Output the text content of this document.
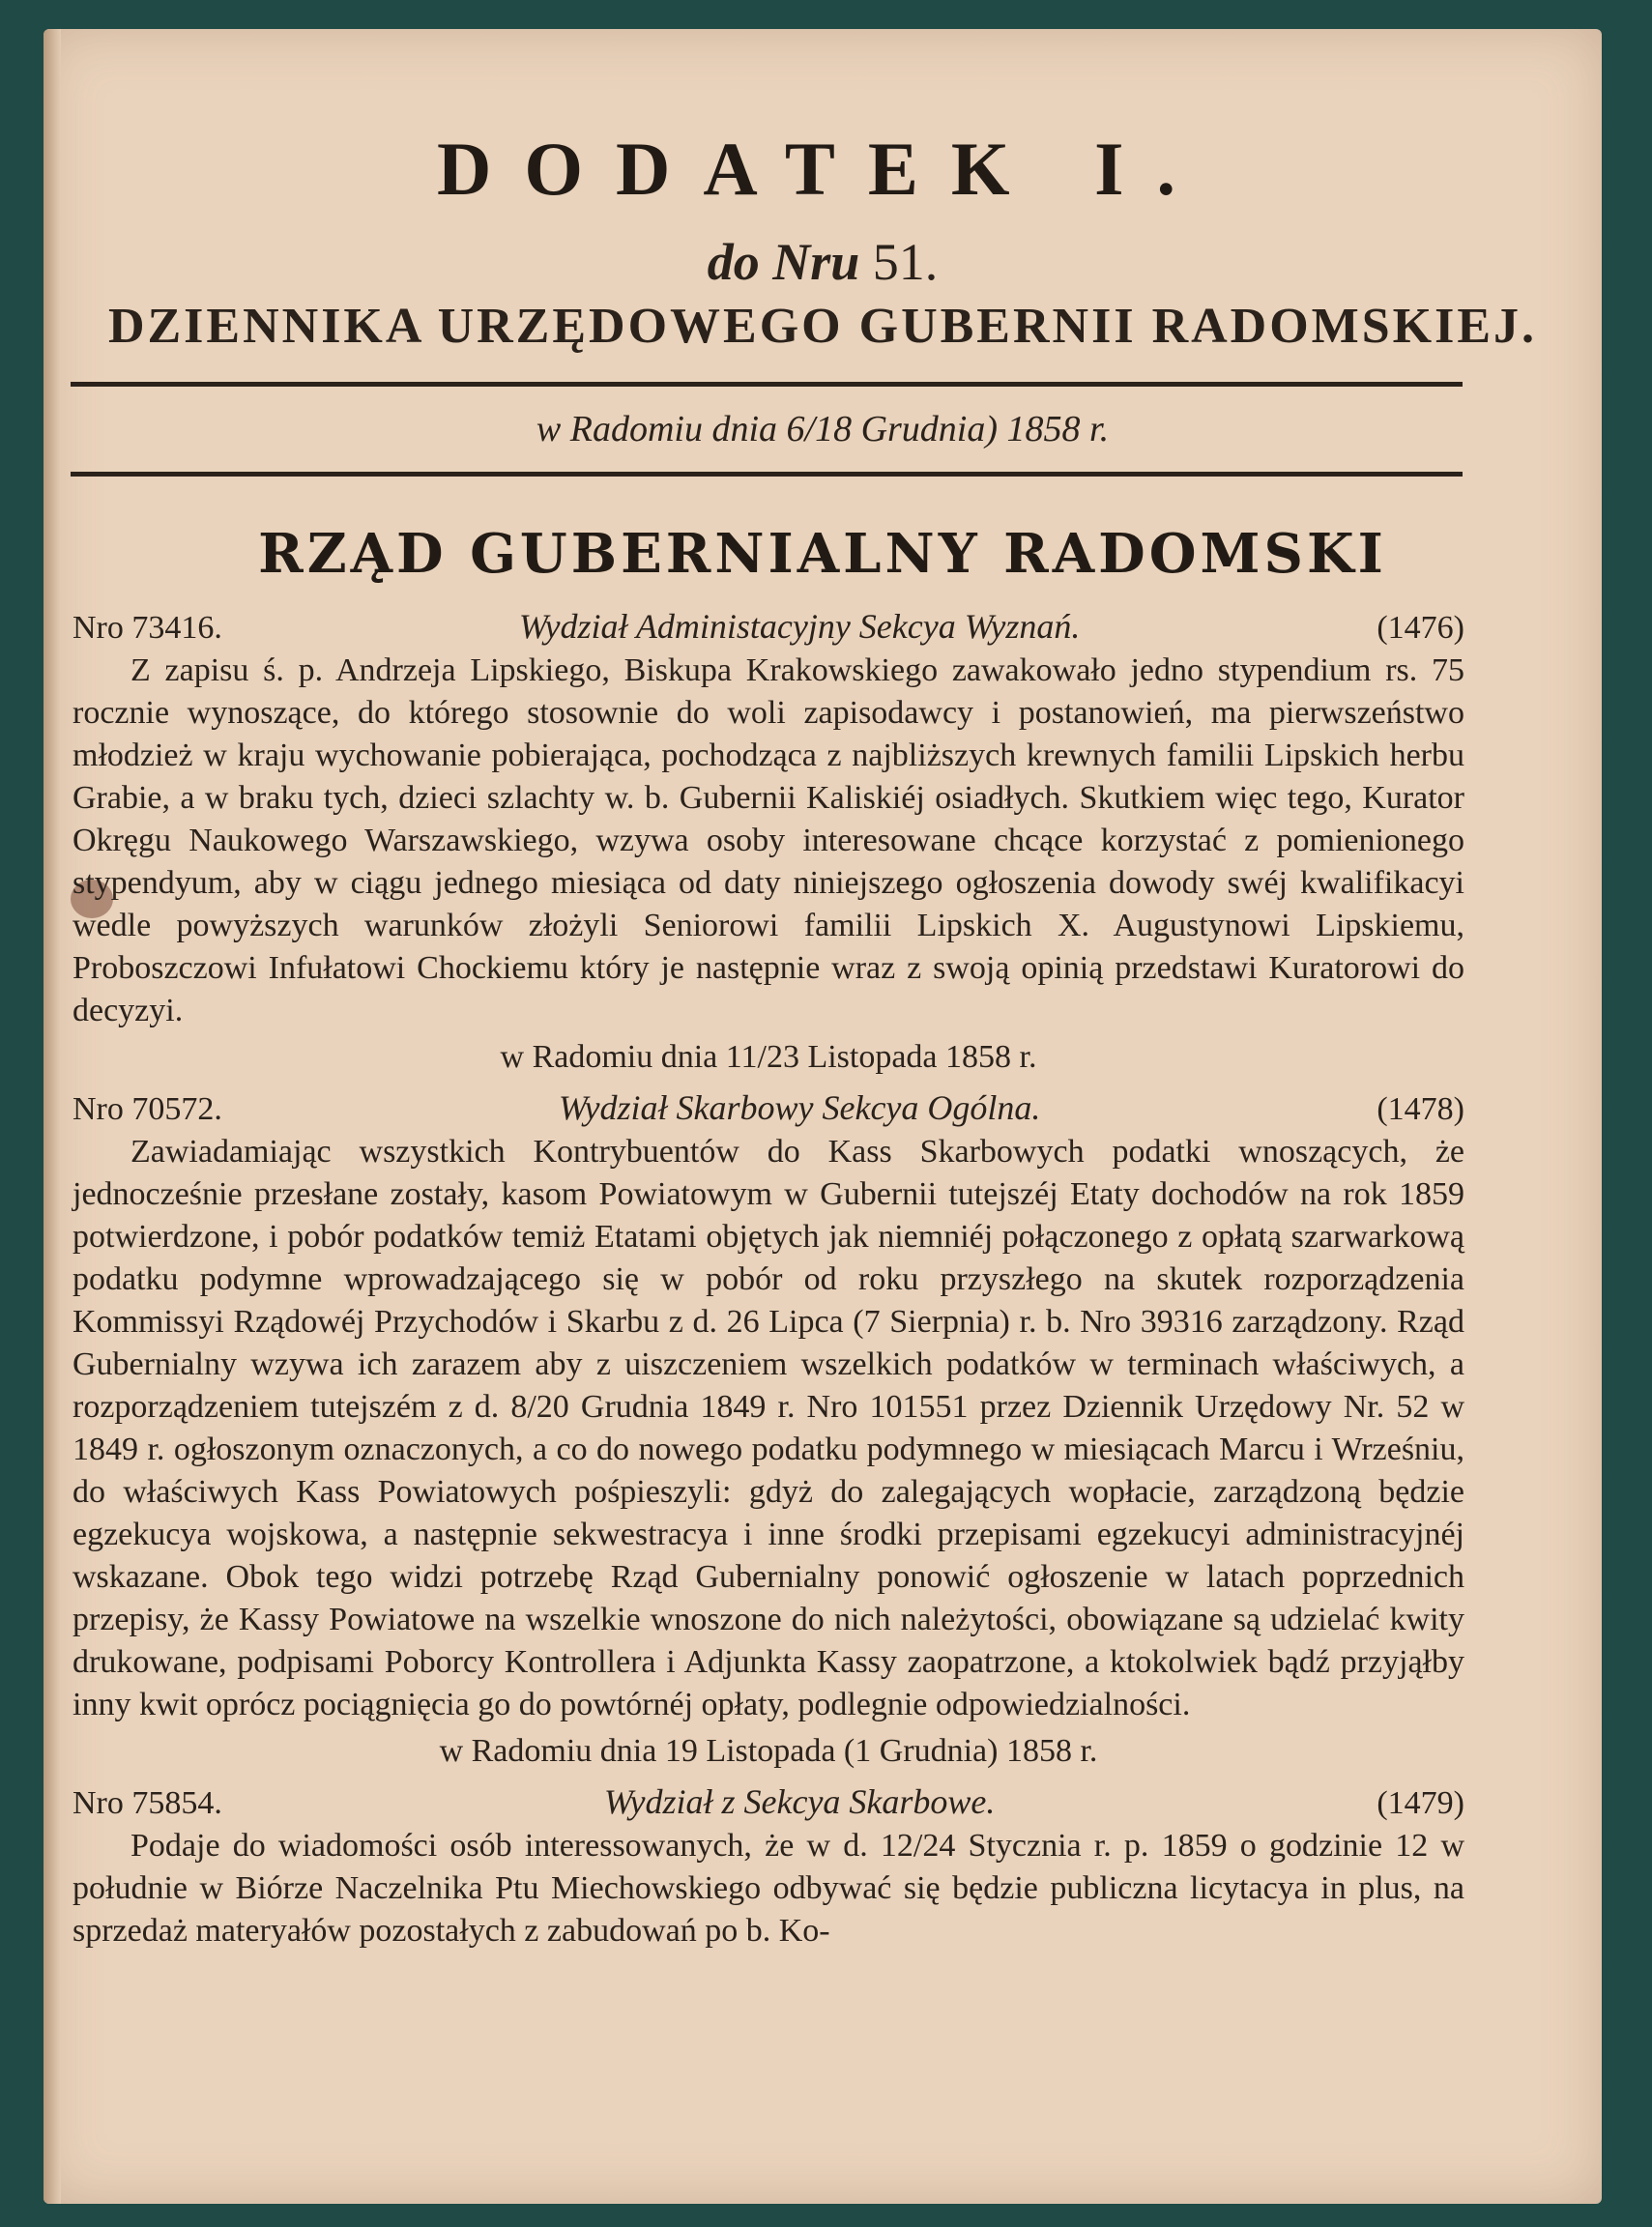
DODATEK I.
do Nru 51.
DZIENNIKA URZĘDOWEGO GUBERNII RADOMSKIEJ.
w Radomiu dnia 6/18 Grudnia) 1858 r.
RZĄD GUBERNIALNY RADOMSKI
Nro 73416.	Wydział Administacyjny Sekcya Wyznań.	(1476)

Z zapisu ś. p. Andrzeja Lipskiego, Biskupa Krakowskiego zawakowało jedno stypendium rs. 75 rocznie wynoszące, do którego stosownie do woli zapisodawcy i postanowień, ma pierwszeństwo młodzież w kraju wychowanie pobierająca, pochodząca z najbliższych krewnych familii Lipskich herbu Grabie, a w braku tych, dzieci szlachty w. b. Gubernii Kaliskiéj osiadłych. Skutkiem więc tego, Kurator Okręgu Naukowego Warszawskiego, wzywa osoby interesowane chcące korzystać z pomienionego stypendyum, aby w ciągu jednego miesiąca od daty niniejszego ogłoszenia dowody swéj kwalifikacyi wedle powyższych warunków złożyli Seniorowi familii Lipskich X. Augustynowi Lipskiemu, Proboszczowi Infułatowi Chockiemu który je następnie wraz z swoją opinią przedstawi Kuratorowi do decyzyi.

w Radomiu dnia 11/23 Listopada 1858 r.
Nro 70572.	Wydział Skarbowy Sekcya Ogólna.	(1478)

Zawiadamiając wszystkich Kontrybuentów do Kass Skarbowych podatki wnoszących, że jednocześnie przesłane zostały, kasom Powiatowym w Gubernii tutejszéj Etaty dochodów na rok 1859 potwierdzone, i pobór podatków temiż Etatami objętych jak niemniéj połączonego z opłatą szarwarkową podatku podymne wprowadzającego się w pobór od roku przyszłego na skutek rozporządzenia Kommissyi Rządowéj Przychodów i Skarbu z d. 26 Lipca (7 Sierpnia) r. b. Nro 39316 zarządzony. Rząd Gubernialny wzywa ich zarazem aby z uiszczeniem wszelkich podatków w terminach właściwych, a rozporządzeniem tutejszém z d. 8/20 Grudnia 1849 r. Nro 101551 przez Dziennik Urzędowy Nr. 52 w 1849 r. ogłoszonym oznaczonych, a co do nowego podatku podymnego w miesiącach Marcu i Wrześniu, do właściwych Kass Powiatowych pośpieszyli: gdyż do zalegających wopłacie, zarządzoną będzie egzekucya wojskowa, a następnie sekwestracya i inne środki przepisami egzekucyi administracyjnéj wskazane. Obok tego widzi potrzebę Rząd Gubernialny ponowić ogłoszenie w latach poprzednich przepisy, że Kassy Powiatowe na wszelkie wnoszone do nich należytości, obowiązane są udzielać kwity drukowane, podpisami Poborcy Kontrollera i Adjunkta Kassy zaopatrzone, a ktokolwiek bądź przyjąłby inny kwit oprócz pociągnięcia go do powtórnéj opłaty, podlegnie odpowiedzialności.

w Radomiu dnia 19 Listopada (1 Grudnia) 1858 r.
Nro 75854.	Wydział z Sekcya Skarbowe.	(1479)

Podaje do wiadomości osób interessowanych, że w d. 12/24 Stycznia r. p. 1859 o godzinie 12 w południe w Biórze Naczelnika Ptu Miechowskiego odbywać się będzie publiczna licytacya in plus, na sprzedaż materyałów pozostałych z zabudowań po b. Ko-
